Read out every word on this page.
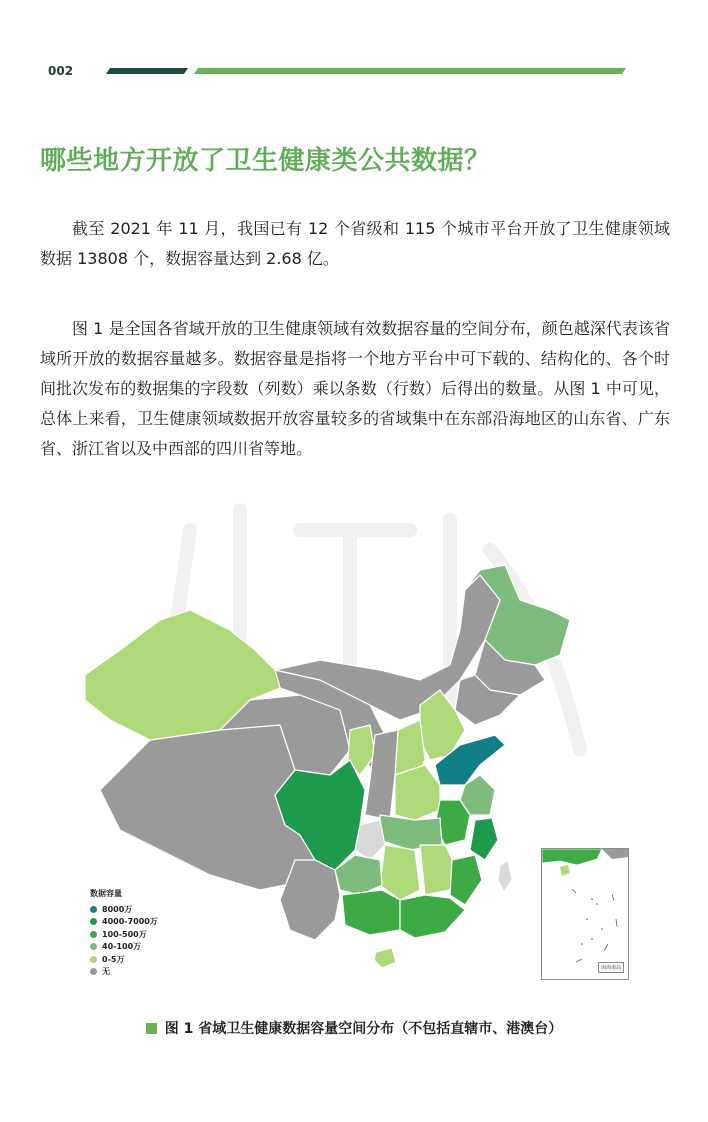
002
哪些地方开放了卫生健康类公共数据？

截至 2021 年 11 月，我国已有 12 个省级和 115 个城市平台开放了卫生健康领域数据 13808 个，数据容量达到 2.68 亿。

图 1 是全国各省域开放的卫生健康领域有效数据容量的空间分布，颜色越深代表该省域所开放的数据容量越多。数据容量是指将一个地方平台中可下载的、结构化的、各个时间批次发布的数据集的字段数（列数）乘以条数（行数）后得出的数量。从图 1 中可见，总体上来看，卫生健康领域数据开放容量较多的省域集中在东部沿海地区的山东省、广东省、浙江省以及中西部的四川省等地。

数据容量
8000万
4000-7000万
100-500万
40-100万
0-5万
无	南海诸岛
图 1 省域卫生健康数据容量空间分布（不包括直辖市、港澳台）
